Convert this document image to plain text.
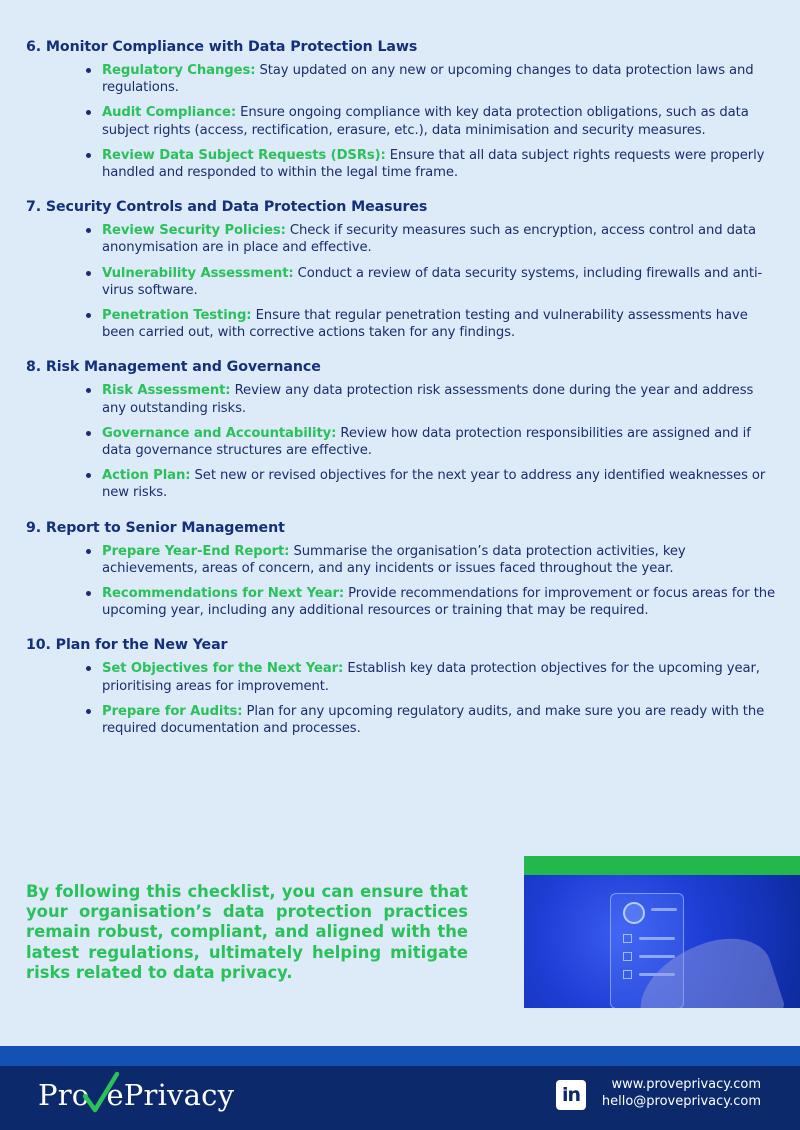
6. Monitor Compliance with Data Protection Laws
Regulatory Changes: Stay updated on any new or upcoming changes to data protection laws and regulations.
Audit Compliance: Ensure ongoing compliance with key data protection obligations, such as data subject rights (access, rectification, erasure, etc.), data minimisation and security measures.
Review Data Subject Requests (DSRs): Ensure that all data subject rights requests were properly handled and responded to within the legal time frame.
7. Security Controls and Data Protection Measures
Review Security Policies: Check if security measures such as encryption, access control and data anonymisation are in place and effective.
Vulnerability Assessment: Conduct a review of data security systems, including firewalls and anti-virus software.
Penetration Testing: Ensure that regular penetration testing and vulnerability assessments have been carried out, with corrective actions taken for any findings.
8. Risk Management and Governance
Risk Assessment: Review any data protection risk assessments done during the year and address any outstanding risks.
Governance and Accountability: Review how data protection responsibilities are assigned and if data governance structures are effective.
Action Plan: Set new or revised objectives for the next year to address any identified weaknesses or new risks.
9. Report to Senior Management
Prepare Year-End Report: Summarise the organisation’s data protection activities, key achievements, areas of concern, and any incidents or issues faced throughout the year.
Recommendations for Next Year: Provide recommendations for improvement or focus areas for the upcoming year, including any additional resources or training that may be required.
10. Plan for the New Year
Set Objectives for the Next Year: Establish key data protection objectives for the upcoming year, prioritising areas for improvement.
Prepare for Audits: Plan for any upcoming regulatory audits, and make sure you are ready with the required documentation and processes.

By following this checklist, you can ensure that your organisation’s data protection practices remain robust, compliant, and aligned with the latest regulations, ultimately helping mitigate risks related to data privacy.

Pro ePrivacy	in	www.proveprivacy.com
hello@proveprivacy.com
